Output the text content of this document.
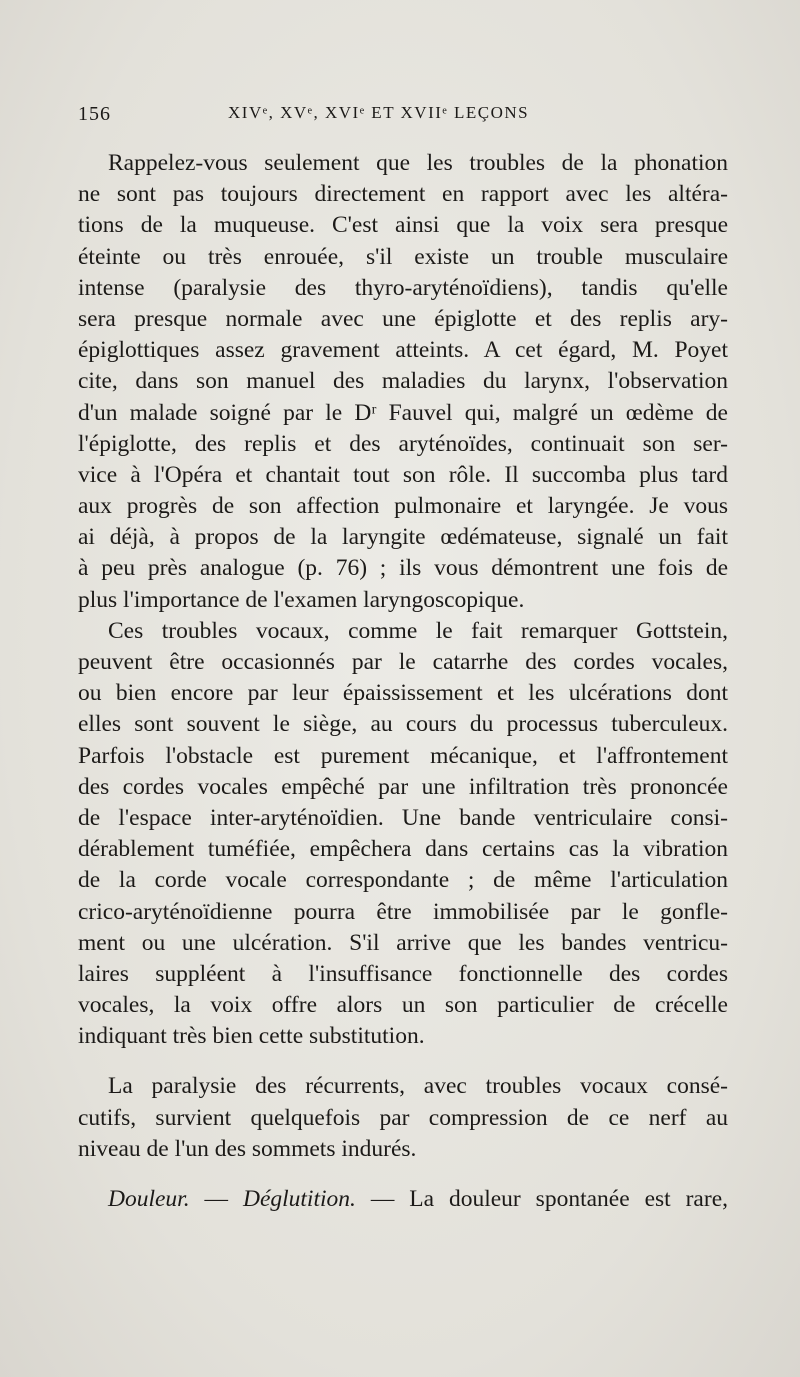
156	XIVᵉ, XVᵉ, XVIᵉ ET XVIIᵉ LEÇONS
Rappelez-vous seulement que les troubles de la phonation
ne sont pas toujours directement en rapport avec les altéra-
tions de la muqueuse. C'est ainsi que la voix sera presque
éteinte ou très enrouée, s'il existe un trouble musculaire
intense (paralysie des thyro-aryténoïdiens), tandis qu'elle
sera presque normale avec une épiglotte et des replis ary-
épiglottiques assez gravement atteints. A cet égard, M. Poyet
cite, dans son manuel des maladies du larynx, l'observation
d'un malade soigné par le Dʳ Fauvel qui, malgré un œdème de
l'épiglotte, des replis et des aryténoïdes, continuait son ser-
vice à l'Opéra et chantait tout son rôle. Il succomba plus tard
aux progrès de son affection pulmonaire et laryngée. Je vous
ai déjà, à propos de la laryngite œdémateuse, signalé un fait
à peu près analogue (p. 76) ; ils vous démontrent une fois de
plus l'importance de l'examen laryngoscopique.
Ces troubles vocaux, comme le fait remarquer Gottstein,
peuvent être occasionnés par le catarrhe des cordes vocales,
ou bien encore par leur épaississement et les ulcérations dont
elles sont souvent le siège, au cours du processus tuberculeux.
Parfois l'obstacle est purement mécanique, et l'affrontement
des cordes vocales empêché par une infiltration très prononcée
de l'espace inter-aryténoïdien. Une bande ventriculaire consi-
dérablement tuméfiée, empêchera dans certains cas la vibration
de la corde vocale correspondante ; de même l'articulation
crico-aryténoïdienne pourra être immobilisée par le gonfle-
ment ou une ulcération. S'il arrive que les bandes ventricu-
laires suppléent à l'insuffisance fonctionnelle des cordes
vocales, la voix offre alors un son particulier de crécelle
indiquant très bien cette substitution.
La paralysie des récurrents, avec troubles vocaux consé-
cutifs, survient quelquefois par compression de ce nerf au
niveau de l'un des sommets indurés.
Douleur. — Déglutition. — La douleur spontanée est rare,
